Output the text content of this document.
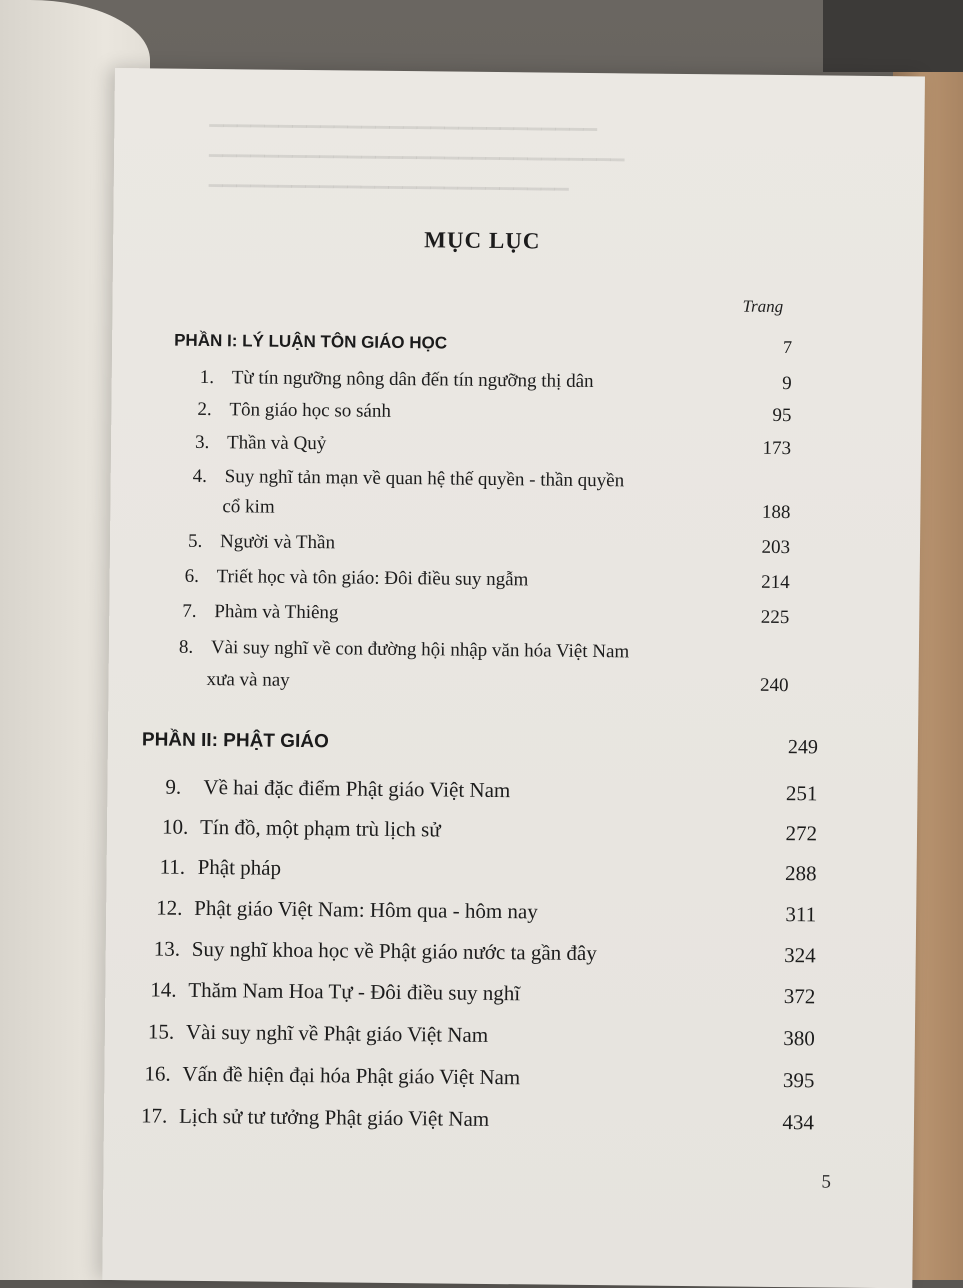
▔▔▔▔▔▔▔▔▔▔▔▔▔▔▔▔▔▔▔▔▔▔▔▔▔▔▔▔
▔▔▔▔▔▔▔▔▔▔▔▔▔▔▔▔▔▔▔▔▔▔▔▔▔▔▔▔▔▔
▔▔▔▔▔▔▔▔▔▔▔▔▔▔▔▔▔▔▔▔▔▔▔▔▔▔
MỤC LỤC
Trang
PHẦN I: LÝ LUẬN TÔN GIÁO HỌC	7
1. Từ tín ngưỡng nông dân đến tín ngưỡng thị dân	9
2. Tôn giáo học so sánh	95
3. Thần và Quỷ	173
4. Suy nghĩ tản mạn về quan hệ thế quyền - thần quyền
cổ kim	188
5. Người và Thần	203
6. Triết học và tôn giáo: Đôi điều suy ngẫm	214
7. Phàm và Thiêng	225
8. Vài suy nghĩ về con đường hội nhập văn hóa Việt Nam
xưa và nay	240
PHẦN II: PHẬT GIÁO	249
9. Về hai đặc điểm Phật giáo Việt Nam	251
10. Tín đồ, một phạm trù lịch sử	272
11. Phật pháp	288
12. Phật giáo Việt Nam: Hôm qua - hôm nay	311
13. Suy nghĩ khoa học về Phật giáo nước ta gần đây	324
14. Thăm Nam Hoa Tự - Đôi điều suy nghĩ	372
15. Vài suy nghĩ về Phật giáo Việt Nam	380
16. Vấn đề hiện đại hóa Phật giáo Việt Nam	395
17. Lịch sử tư tưởng Phật giáo Việt Nam	434
5
